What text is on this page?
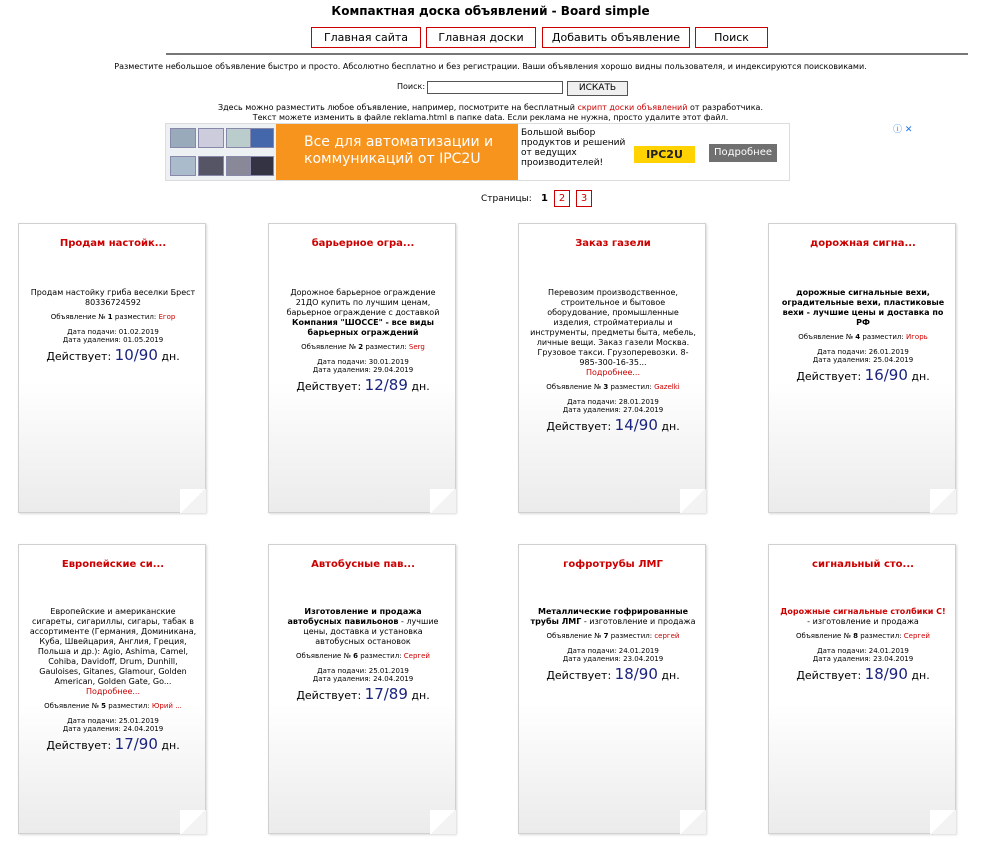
Компактная доска объявлений - Board simple
Главная сайта	Главная доски	Добавить объявление	Поиск
Разместите небольшое объявление быстро и просто. Абсолютно бесплатно и без регистрации. Ваши объявления хорошо видны пользователя, и индексируются поисковиками.
Поиск:	ИСКАТЬ
Здесь можно разместить любое объявление, например, посмотрите на бесплатный скрипт доски объявлений от разработчика.
Текст можете изменить в файле reklama.html в папке data. Если реклама не нужна, просто удалите этот файл.
Все для автоматизации и коммуникаций от IPC2U
Большой выбор продуктов и решений от ведущих производителей!
IPC2U	Подробнее
ⓘ ✕
Страницы: 1	2	3
Продам настойк...
Продам настойку гриба веселки Брест 80336724592
Объявление № 1 разместил: Егор
Дата подачи: 01.02.2019
Дата удаления: 01.05.2019
Действует: 10/90 дн.
барьерное огра...
Дорожное барьерное ограждение 21ДО купить по лучшим ценам, барьерное ограждение с доставкой Компания "ШОССЕ" - все виды барьерных ограждений
Объявление № 2 разместил: Serg
Дата подачи: 30.01.2019
Дата удаления: 29.04.2019
Действует: 12/89 дн.
Заказ газели
Перевозим производственное, строительное и бытовое оборудование, промышленные изделия, стройматериалы и инструменты, предметы быта, мебель, личные вещи. Заказ газели Москва. Грузовое такси. Грузоперевозки. 8-985-300-16-35...
Подробнее...
Объявление № 3 разместил: Gazelki
Дата подачи: 28.01.2019
Дата удаления: 27.04.2019
Действует: 14/90 дн.
дорожная сигна...
дорожные сигнальные вехи, оградительные вехи, пластиковые вехи - лучшие цены и доставка по РФ
Объявление № 4 разместил: Игорь
Дата подачи: 26.01.2019
Дата удаления: 25.04.2019
Действует: 16/90 дн.
Европейские си...
Европейские и американские сигареты, сигариллы, сигары, табак в ассортименте (Германия, Доминикана, Куба, Швейцария, Англия, Греция, Польша и др.): Agio, Ashima, Camel, Cohiba, Davidoff, Drum, Dunhill, Gauloises, Gitanes, Glamour, Golden American, Golden Gate, Go... Подробнее...
Объявление № 5 разместил: Юрий ...
Дата подачи: 25.01.2019
Дата удаления: 24.04.2019
Действует: 17/90 дн.
Автобусные пав...
Изготовление и продажа автобусных павильонов - лучшие цены, доставка и установка автобусных остановок
Объявление № 6 разместил: Сергей
Дата подачи: 25.01.2019
Дата удаления: 24.04.2019
Действует: 17/89 дн.
гофротрубы ЛМГ
Металлические гофрированные трубы ЛМГ - изготовление и продажа
Объявление № 7 разместил: сергей
Дата подачи: 24.01.2019
Дата удаления: 23.04.2019
Действует: 18/90 дн.
сигнальный сто...
Дорожные сигнальные столбики С! - изготовление и продажа
Объявление № 8 разместил: Сергей
Дата подачи: 24.01.2019
Дата удаления: 23.04.2019
Действует: 18/90 дн.
